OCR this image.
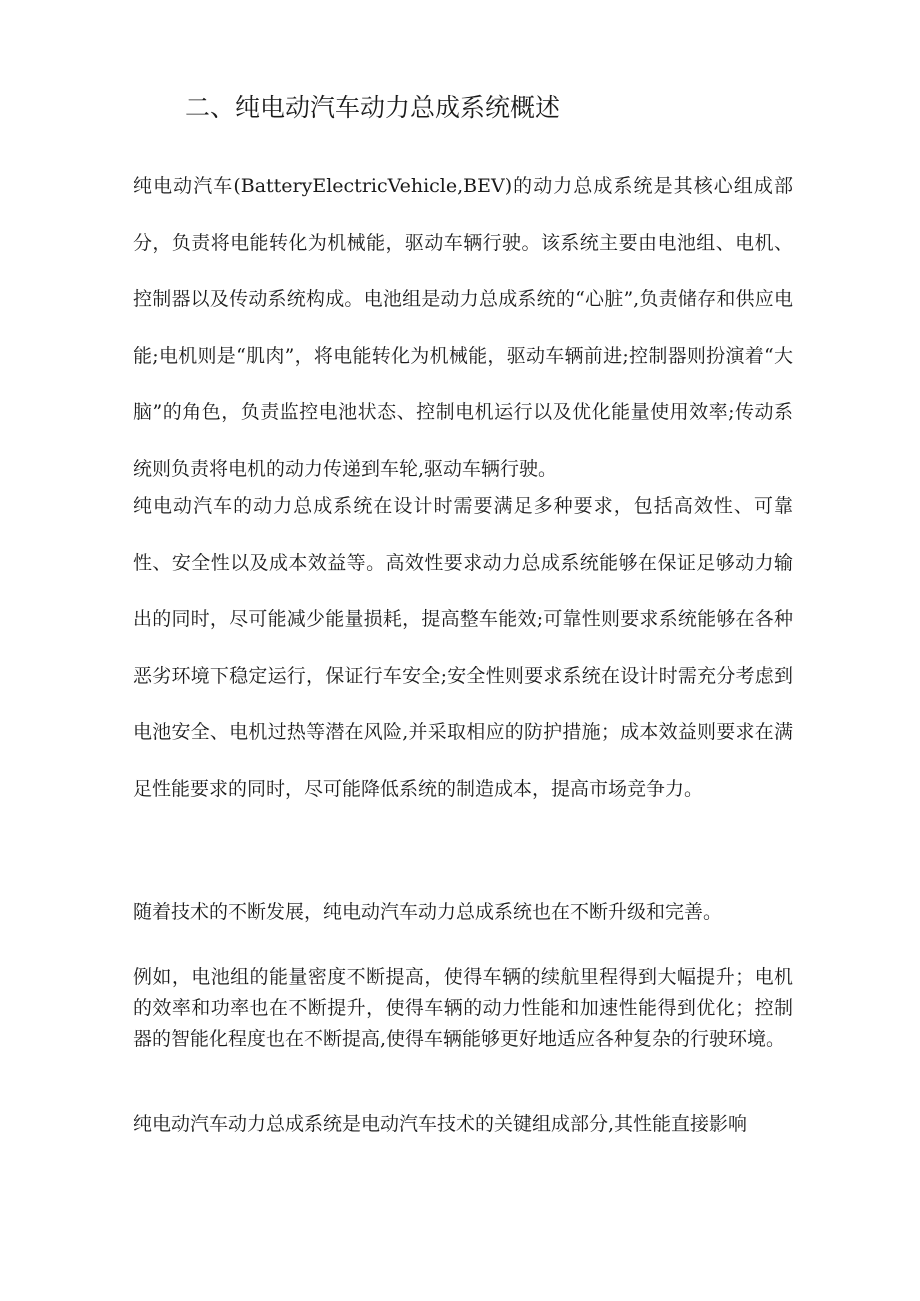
二、纯电动汽车动力总成系统概述

纯电动汽车(BatteryElectricVehicle,BEV)的动力总成系统是其核心组成部分，负责将电能转化为机械能，驱动车辆行驶。该系统主要由电池组、电机、控制器以及传动系统构成。电池组是动力总成系统的“心脏”,负责储存和供应电能;电机则是“肌肉”，将电能转化为机械能，驱动车辆前进;控制器则扮演着“大脑”的角色，负责监控电池状态、控制电机运行以及优化能量使用效率;传动系统则负责将电机的动力传递到车轮,驱动车辆行驶。

纯电动汽车的动力总成系统在设计时需要满足多种要求，包括高效性、可靠性、安全性以及成本效益等。高效性要求动力总成系统能够在保证足够动力输出的同时，尽可能减少能量损耗，提高整车能效;可靠性则要求系统能够在各种恶劣环境下稳定运行，保证行车安全;安全性则要求系统在设计时需充分考虑到电池安全、电机过热等潜在风险,并采取相应的防护措施；成本效益则要求在满足性能要求的同时，尽可能降低系统的制造成本，提高市场竞争力。

随着技术的不断发展，纯电动汽车动力总成系统也在不断升级和完善。

例如，电池组的能量密度不断提高，使得车辆的续航里程得到大幅提升；电机的效率和功率也在不断提升，使得车辆的动力性能和加速性能得到优化；控制器的智能化程度也在不断提高,使得车辆能够更好地适应各种复杂的行驶环境。

纯电动汽车动力总成系统是电动汽车技术的关键组成部分,其性能直接影响
